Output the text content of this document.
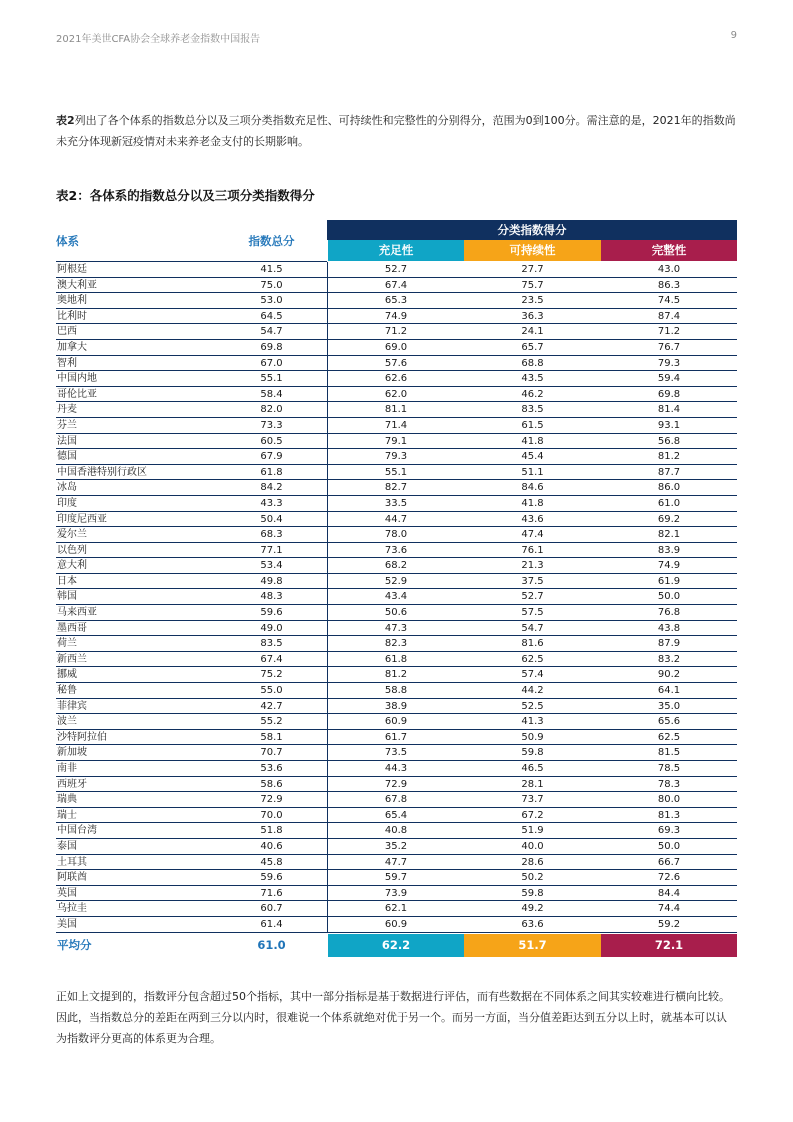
2021年美世CFA协会全球养老金指数中国报告	9

表2列出了各个体系的指数总分以及三项分类指数充足性、可持续性和完整性的分别得分，范围为0到100分。需注意的是，2021年的指数尚未充分体现新冠疫情对未来养老金支付的长期影响。

表2：各体系的指数总分以及三项分类指数得分
体系	指数总分
分类指数得分
充足性	可持续性	完整性
阿根廷	41.5	52.7	27.7	43.0
澳大利亚	75.0	67.4	75.7	86.3
奥地利	53.0	65.3	23.5	74.5
比利时	64.5	74.9	36.3	87.4
巴西	54.7	71.2	24.1	71.2
加拿大	69.8	69.0	65.7	76.7
智利	67.0	57.6	68.8	79.3
中国内地	55.1	62.6	43.5	59.4
哥伦比亚	58.4	62.0	46.2	69.8
丹麦	82.0	81.1	83.5	81.4
芬兰	73.3	71.4	61.5	93.1
法国	60.5	79.1	41.8	56.8
德国	67.9	79.3	45.4	81.2
中国香港特别行政区	61.8	55.1	51.1	87.7
冰岛	84.2	82.7	84.6	86.0
印度	43.3	33.5	41.8	61.0
印度尼西亚	50.4	44.7	43.6	69.2
爱尔兰	68.3	78.0	47.4	82.1
以色列	77.1	73.6	76.1	83.9
意大利	53.4	68.2	21.3	74.9
日本	49.8	52.9	37.5	61.9
韩国	48.3	43.4	52.7	50.0
马来西亚	59.6	50.6	57.5	76.8
墨西哥	49.0	47.3	54.7	43.8
荷兰	83.5	82.3	81.6	87.9
新西兰	67.4	61.8	62.5	83.2
挪威	75.2	81.2	57.4	90.2
秘鲁	55.0	58.8	44.2	64.1
菲律宾	42.7	38.9	52.5	35.0
波兰	55.2	60.9	41.3	65.6
沙特阿拉伯	58.1	61.7	50.9	62.5
新加坡	70.7	73.5	59.8	81.5
南非	53.6	44.3	46.5	78.5
西班牙	58.6	72.9	28.1	78.3
瑞典	72.9	67.8	73.7	80.0
瑞士	70.0	65.4	67.2	81.3
中国台湾	51.8	40.8	51.9	69.3
泰国	40.6	35.2	40.0	50.0
土耳其	45.8	47.7	28.6	66.7
阿联酋	59.6	59.7	50.2	72.6
英国	71.6	73.9	59.8	84.4
乌拉圭	60.7	62.1	49.2	74.4
美国	61.4	60.9	63.6	59.2
平均分	61.0	62.2	51.7	72.1

正如上文提到的，指数评分包含超过50个指标，其中一部分指标是基于数据进行评估，而有些数据在不同体系之间其实较难进行横向比较。因此，当指数总分的差距在两到三分以内时，很难说一个体系就绝对优于另一个。而另一方面，当分值差距达到五分以上时，就基本可以认为指数评分更高的体系更为合理。
